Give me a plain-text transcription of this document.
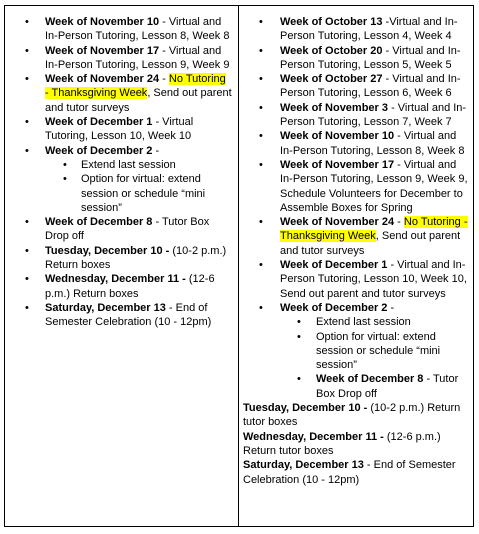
• Week of November 10 - Virtual and In-Person Tutoring, Lesson 8, Week 8
• Week of November 17 - Virtual and In-Person Tutoring, Lesson 9, Week 9
• Week of November 24 - No Tutoring - Thanksgiving Week, Send out parent and tutor surveys
• Week of December 1 - Virtual Tutoring, Lesson 10, Week 10
• Week of December 2 -
• Extend last session
• Option for virtual: extend session or schedule “mini session”
• Week of December 8 - Tutor Box Drop off
• Tuesday, December 10 - (10-2 p.m.) Return boxes
• Wednesday, December 11 - (12-6 p.m.) Return boxes
• Saturday, December 13 - End of Semester Celebration (10 - 12pm)
• Week of October 13 -Virtual and In-Person Tutoring, Lesson 4, Week 4
• Week of October 20 - Virtual and In-Person Tutoring, Lesson 5, Week 5
• Week of October 27 - Virtual and In-Person Tutoring, Lesson 6, Week 6
• Week of November 3 - Virtual and In-Person Tutoring, Lesson 7, Week 7
• Week of November 10 - Virtual and In-Person Tutoring, Lesson 8, Week 8
• Week of November 17 - Virtual and In-Person Tutoring, Lesson 9, Week 9, Schedule Volunteers for December to Assemble Boxes for Spring
• Week of November 24 - No Tutoring - Thanksgiving Week, Send out parent and tutor surveys
• Week of December 1 - Virtual and In-Person Tutoring, Lesson 10, Week 10, Send out parent and tutor surveys
• Week of December 2 -
• Extend last session
• Option for virtual: extend session or schedule “mini session”
• Week of December 8 - Tutor Box Drop off
Tuesday, December 10 - (10-2 p.m.) Return tutor boxes
Wednesday, December 11 - (12-6 p.m.) Return tutor boxes
Saturday, December 13 - End of Semester Celebration (10 - 12pm)
